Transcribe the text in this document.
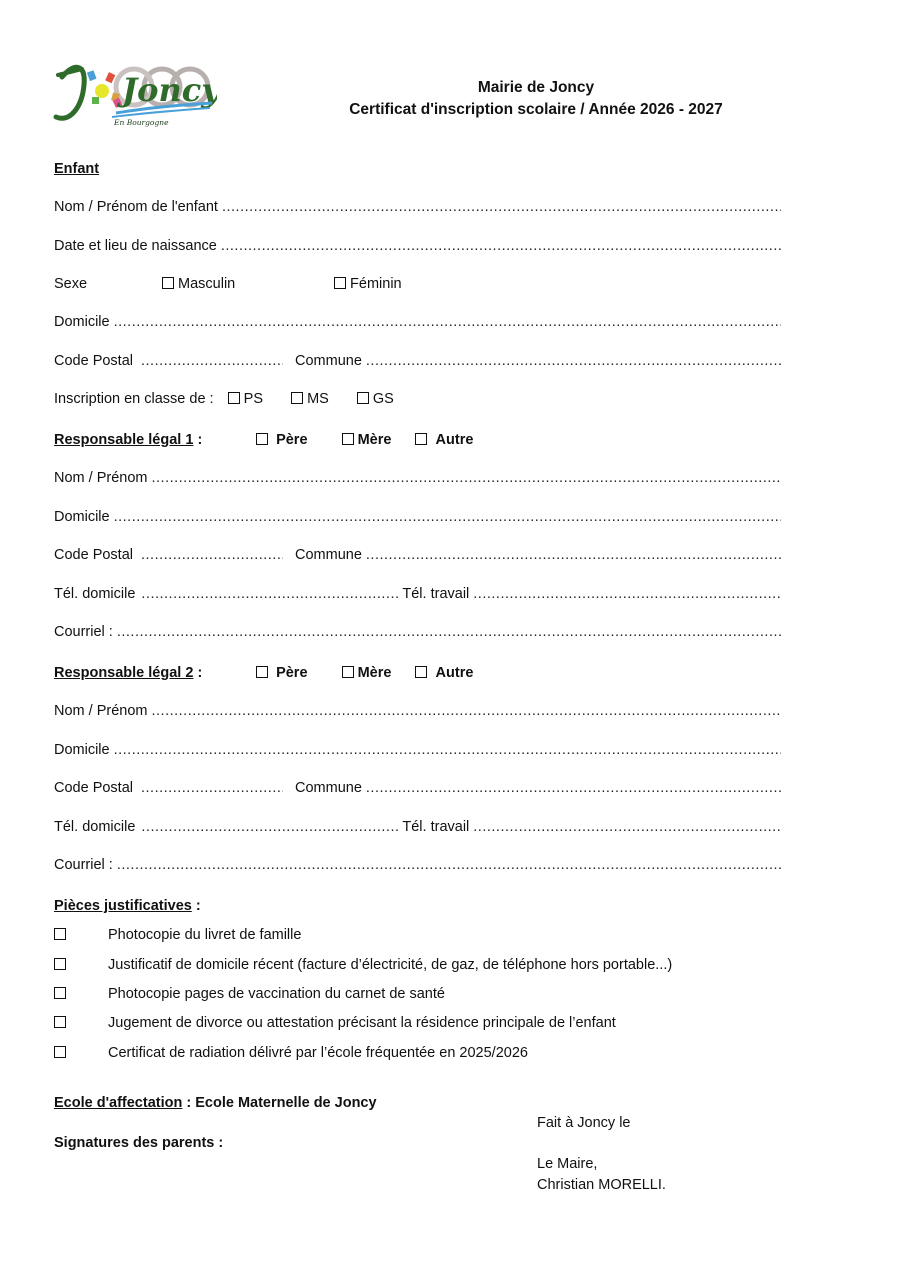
Joncy
En Bourgogne
Mairie de Joncy
Certificat d'inscription scolaire / Année 2026 - 2027
Enfant
Nom / Prénom de l'enfant
.....
Date et lieu de naissance
.....
Sexe	Masculin	Féminin
Domicile
.....
Code Postal .....	Commune
.....
Inscription en classe de : PS	MS	GS
Responsable légal 1 :	Père	Mère	Autre
Nom / Prénom
.....
Domicile
.....
Code Postal .....	Commune
.....
Tél. domicile .....	Tél. travail
.....
Courriel :
.....
Responsable légal 2 :	Père	Mère	Autre
Nom / Prénom
.....
Domicile
.....
Code Postal .....	Commune
.....
Tél. domicile .....	Tél. travail
.....
Courriel :
.....
Pièces justificatives :
Photocopie du livret de famille
Justificatif de domicile récent (facture d’électricité, de gaz, de téléphone hors portable...)
Photocopie pages de vaccination du carnet de santé
Jugement de divorce ou attestation précisant la résidence principale de l’enfant
Certificat de radiation délivré par l’école fréquentée en 2025/2026
Ecole d'affectation : Ecole Maternelle de Joncy
Fait à Joncy le
Signatures des parents :
Le Maire,
Christian MORELLI.
